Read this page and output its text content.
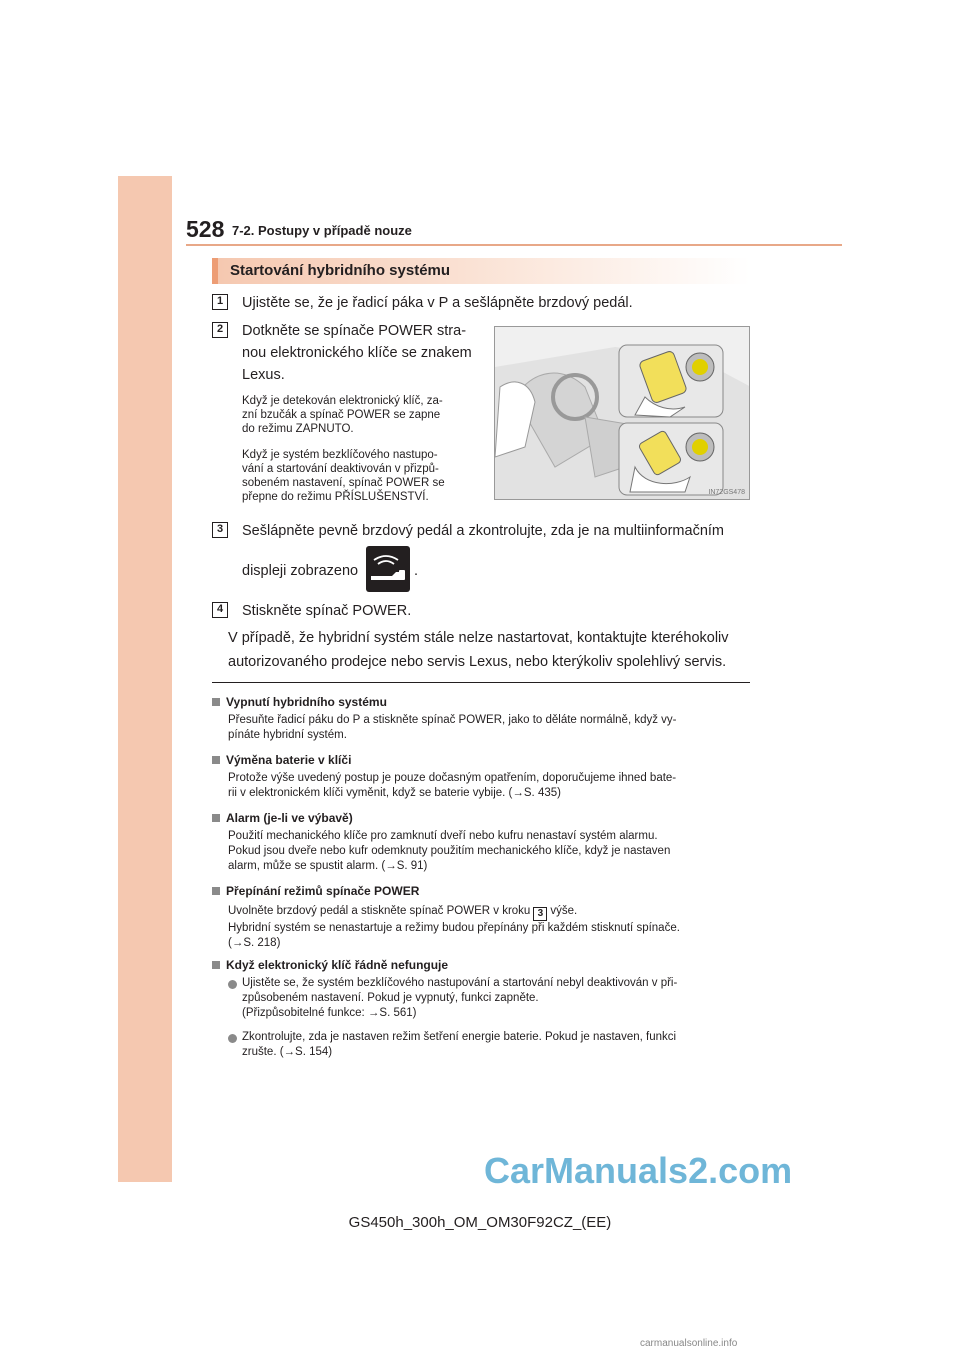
528 7-2. Postupy v případě nouze
Startování hybridního systému
1	Ujistěte se, že je řadicí páka v P a sešlápněte brzdový pedál.
2	Dotkněte se spínače POWER stra-
nou elektronického klíče se znakem
Lexus.
Když je detekován elektronický klíč, za-
zní bzučák a spínač POWER se zapne
do režimu ZAPNUTO.
Když je systém bezklíčového nastupo-
vání a startování deaktivován v přizpů-
sobeném nastavení, spínač POWER se
přepne do režimu PŘÍSLUŠENSTVÍ.	IN72GS478
3	Sešlápněte pevně brzdový pedál a zkontrolujte, zda je na multiinformačním
displeji zobrazeno	.
4	Stiskněte spínač POWER.
V případě, že hybridní systém stále nelze nastartovat, kontaktujte kteréhokoliv
autorizovaného prodejce nebo servis Lexus, nebo kterýkoliv spolehlivý servis.
Vypnutí hybridního systému
Přesuňte řadicí páku do P a stiskněte spínač POWER, jako to děláte normálně, když vy-
pínáte hybridní systém.
Výměna baterie v klíči
Protože výše uvedený postup je pouze dočasným opatřením, doporučujeme ihned bate-
rii v elektronickém klíči vyměnit, když se baterie vybije. (→S. 435)
Alarm (je-li ve výbavě)
Použití mechanického klíče pro zamknutí dveří nebo kufru nenastaví systém alarmu.
Pokud jsou dveře nebo kufr odemknuty použitím mechanického klíče, když je nastaven
alarm, může se spustit alarm. (→S. 91)
Přepínání režimů spínače POWER
Uvolněte brzdový pedál a stiskněte spínač POWER v kroku 3 výše.
Hybridní systém se nenastartuje a režimy budou přepínány při každém stisknutí spínače.
(→S. 218)
Když elektronický klíč řádně nefunguje
Ujistěte se, že systém bezklíčového nastupování a startování nebyl deaktivován v při-
způsobeném nastavení. Pokud je vypnutý, funkci zapněte.
(Přizpůsobitelné funkce: →S. 561)
Zkontrolujte, zda je nastaven režim šetření energie baterie. Pokud je nastaven, funkci
zrušte. (→S. 154)
CarManuals2.com
GS450h_300h_OM_OM30F92CZ_(EE)
carmanualsonline.info
